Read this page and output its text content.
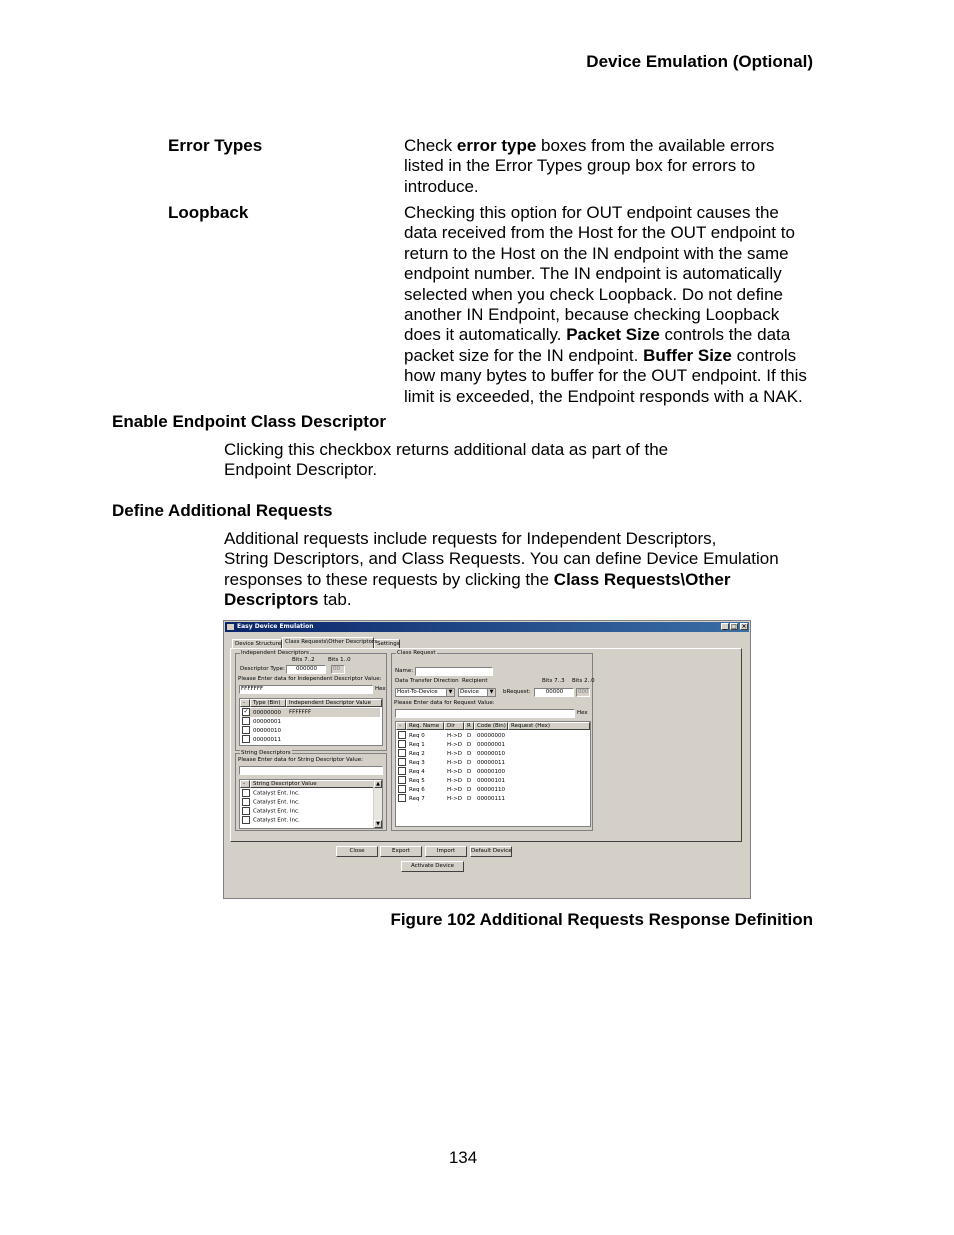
Device Emulation (Optional)
Error Types	Check error type boxes from the available errors
listed in the Error Types group box for errors to
introduce.
Loopback	Checking this option for OUT endpoint causes the
data received from the Host for the OUT endpoint to
return to the Host on the IN endpoint with the same
endpoint number. The IN endpoint is automatically
selected when you check Loopback. Do not define
another IN Endpoint, because checking Loopback
does it automatically. Packet Size controls the data
packet size for the IN endpoint. Buffer Size controls
how many bytes to buffer for the OUT endpoint. If this
limit is exceeded, the Endpoint responds with a NAK.
Enable Endpoint Class Descriptor
Clicking this checkbox returns additional data as part of the
Endpoint Descriptor.
Define Additional Requests
Additional requests include requests for Independent Descriptors,
String Descriptors, and Class Requests. You can define Device Emulation
responses to these requests by clicking the Class Requests\Other
Descriptors tab.
Easy Device Emulation	_ □ ×
Device Structure Class Requests\Other Descriptors Settings
Independent Descriptors
Bits 7..2 Bits 1..0
Descriptor Type:	000000	00
Please Enter data for Independent Descriptor Value:
FFFFFFF	Hex
-	Type (Bin)	Independent Descriptor Value
✓ 00000000 FFFFFFF
00000001
00000010
00000011
String Descriptors
Please Enter data for String Descriptor Value:
-	String Descriptor Value
Catalyst Ent. Inc.
Catalyst Ent. Inc.
Catalyst Ent. Inc.
Catalyst Ent. Inc.
▲
▼
Class Request
Name:
Data Transfer Direction Recipient	Bits 7..3 Bits 2..0
Host-To-Device	▼	Device	▼ bRequest:	00000	000
Please Enter data for Request Value:
Hex
-	Req. Name	Dir	R	Code (Bin) Request (Hex)
Req 0	H->D D 00000000
Req 1	H->D D 00000001
Req 2	H->D D 00000010
Req 3	H->D D 00000011
Req 4	H->D D 00000100
Req 5	H->D D 00000101
Req 6	H->D D 00000110
Req 7	H->D D 00000111
Close	Export	Import	Default Device
Activate Device
Figure 102 Additional Requests Response Definition
134
